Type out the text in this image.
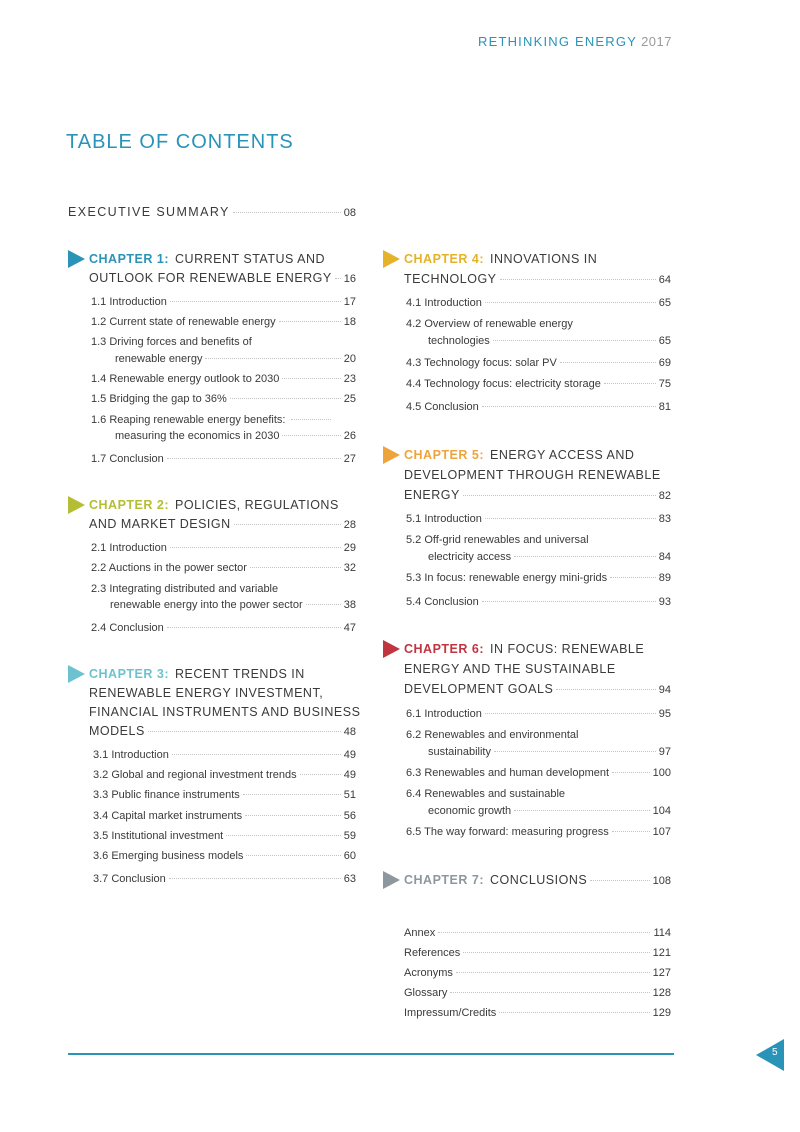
RETHINKING ENERGY 2017
TABLE OF CONTENTS
EXECUTIVE SUMMARY	08
CHAPTER 1: CURRENT STATUS AND
OUTLOOK FOR RENEWABLE ENERGY 16
1.1 Introduction	17
1.2 Current state of renewable energy	18
1.3 Driving forces and benefits of
renewable energy	20
1.4 Renewable energy outlook to 2030	23
1.5 Bridging the gap to 36%	25
1.6 Reaping renewable energy benefits:
measuring the economics in 2030	26
1.7 Conclusion	27
CHAPTER 2: POLICIES, REGULATIONS
AND MARKET DESIGN	28
2.1 Introduction	29
2.2 Auctions in the power sector	32
2.3 Integrating distributed and variable
renewable energy into the power sector	38
2.4 Conclusion	47
CHAPTER 3: RECENT TRENDS IN
RENEWABLE ENERGY INVESTMENT,
FINANCIAL INSTRUMENTS AND BUSINESS
MODELS	48
3.1 Introduction	49
3.2 Global and regional investment trends	49
3.3 Public finance instruments	51
3.4 Capital market instruments	56
3.5 Institutional investment	59
3.6 Emerging business models	60
3.7 Conclusion	63
CHAPTER 4: INNOVATIONS IN
TECHNOLOGY	64
4.1 Introduction	65
4.2 Overview of renewable energy
technologies	65
4.3 Technology focus: solar PV	69
4.4 Technology focus: electricity storage	75
4.5 Conclusion	81
CHAPTER 5: ENERGY ACCESS AND
DEVELOPMENT THROUGH RENEWABLE
ENERGY	82
5.1 Introduction	83
5.2 Off-grid renewables and universal
electricity access	84
5.3 In focus: renewable energy mini-grids	89
5.4 Conclusion	93
CHAPTER 6: IN FOCUS: RENEWABLE
ENERGY AND THE SUSTAINABLE
DEVELOPMENT GOALS	94
6.1 Introduction	95
6.2 Renewables and environmental
sustainability	97
6.3 Renewables and human development	100
6.4 Renewables and sustainable
economic growth	104
6.5 The way forward: measuring progress	107
CHAPTER 7: CONCLUSIONS	108
Annex	114
References	121
Acronyms	127
Glossary	128
Impressum/Credits	129
5
